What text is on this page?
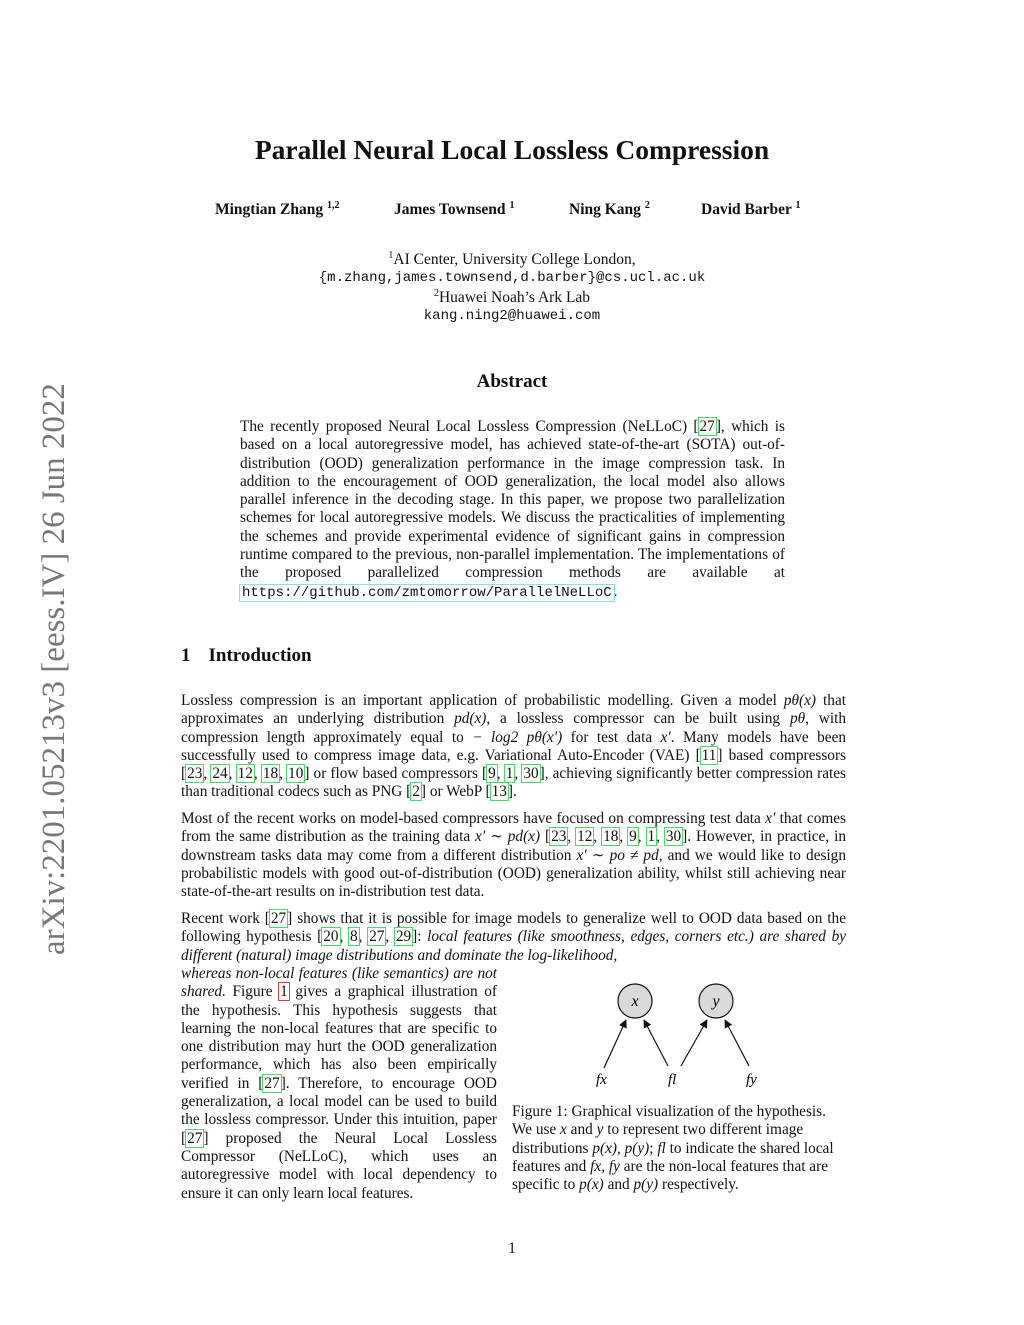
Parallel Neural Local Lossless Compression
Mingtian Zhang $^{1,2}$	James Townsend $^1$	Ning Kang $^2$	David Barber $^1$
$^1$AI Center, University College London,
{m.zhang,james.townsend,d.barber}@cs.ucl.ac.uk
$^2$Huawei Noah’s Ark Lab
kang.ning2@huawei.com
arXiv:2201.05213v3 [eess.IV] 26 Jun 2022
Abstract
The recently proposed Neural Local Lossless Compression (NeLLoC) [27], which is based on a local autoregressive model, has achieved state-of-the-art (SOTA) out-of-distribution (OOD) generalization performance in the image compression task. In addition to the encouragement of OOD generalization, the local model also allows parallel inference in the decoding stage. In this paper, we propose two parallelization schemes for local autoregressive models. We discuss the practicalities of implementing the schemes and provide experimental evidence of significant gains in compression runtime compared to the previous, non-parallel implementation. The implementations of the proposed parallelized compression methods are available at https://github.com/zmtomorrow/ParallelNeLLoC .
1 Introduction
Lossless compression is an important application of probabilistic modelling. Given a model pθ(x) that approximates an underlying distribution pd(x), a lossless compressor can be built using pθ, with compression length approximately equal to − log2 pθ(x′) for test data x′. Many models have been successfully used to compress image data, e.g. Variational Auto-Encoder (VAE) [11] based compressors [23, 24, 12, 18, 10] or flow based compressors [9, 1, 30], achieving significantly better compression rates than traditional codecs such as PNG [2] or WebP [13].
Most of the recent works on model-based compressors have focused on compressing test data x′ that comes from the same distribution as the training data x′ ∼ pd(x) [23, 12, 18, 9, 1, 30]. However, in practice, in downstream tasks data may come from a different distribution x′ ∼ po ≠ pd, and we would like to design probabilistic models with good out-of-distribution (OOD) generalization ability, whilst still achieving near state-of-the-art results on in-distribution test data.
Recent work [27] shows that it is possible for image models to generalize well to OOD data based on the following hypothesis [20, 8, 27, 29]: local features (like smoothness, edges, corners etc.) are shared by different (natural) image distributions and dominate the log-likelihood,
whereas non-local features (like semantics) are not shared. Figure 1 gives a graphical illustration of the hypothesis. This hypothesis suggests that learning the non-local features that are specific to one distribution may hurt the OOD generalization performance, which has also been empirically verified in [27]. Therefore, to encourage OOD generalization, a local model can be used to build the lossless compressor. Under this intuition, paper [27] proposed the Neural Local Lossless Compressor (NeLLoC), which uses an autoregressive model with local dependency to ensure it can only learn local features.
x	y
fx	fl	fy
Figure 1: Graphical visualization of the hypothesis. We use x and y to represent two different image distributions p(x), p(y); fl to indicate the shared local features and fx, fy are the non-local features that are specific to p(x) and p(y) respectively.
1
